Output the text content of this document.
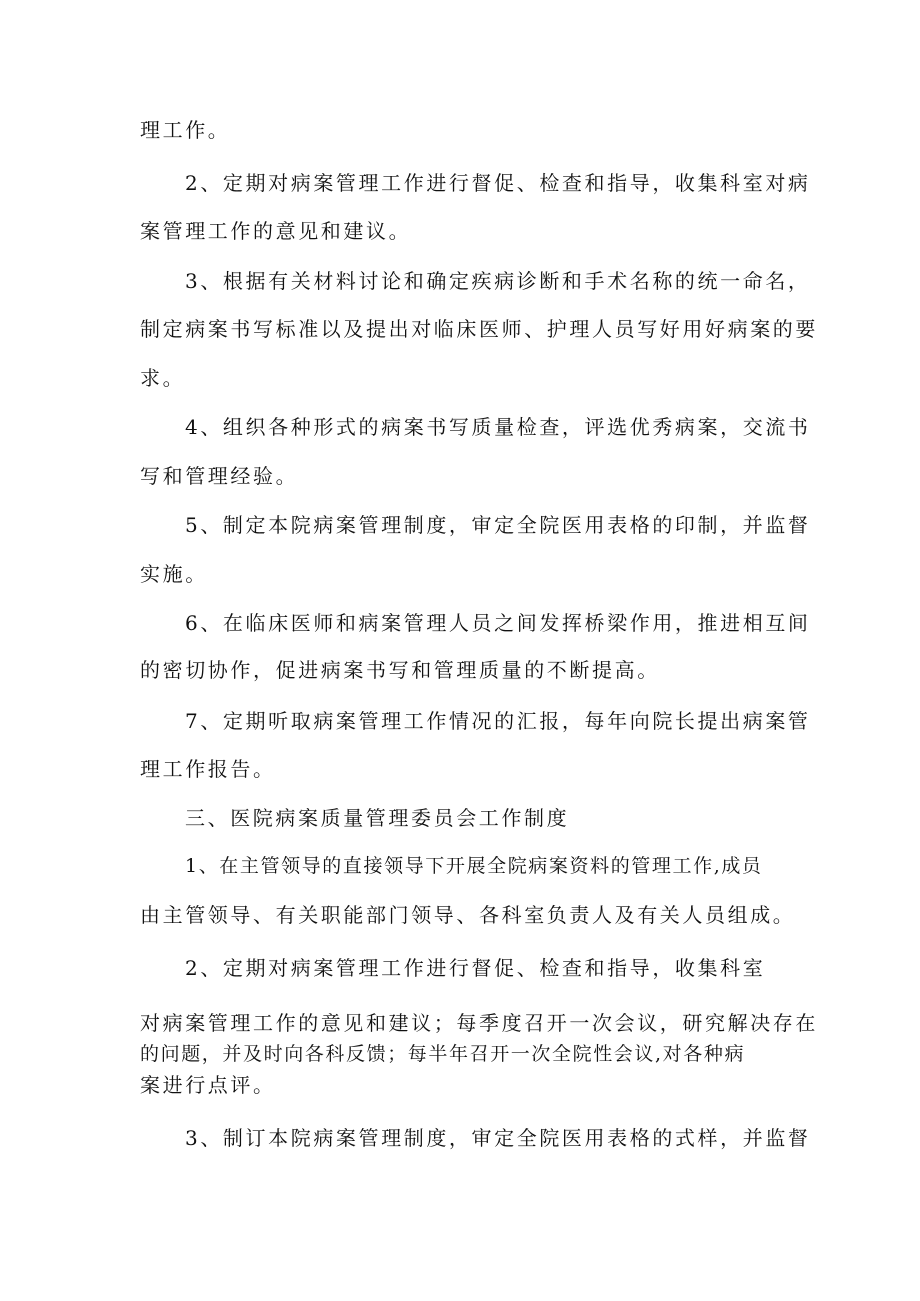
理工作。
2、定期对病案管理工作进行督促、检查和指导，收集科室对病
案管理工作的意见和建议。
3、根据有关材料讨论和确定疾病诊断和手术名称的统一命名，
制定病案书写标准以及提出对临床医师、护理人员写好用好病案的要
求。
4、组织各种形式的病案书写质量检查，评选优秀病案，交流书
写和管理经验。
5、制定本院病案管理制度，审定全院医用表格的印制，并监督
实施。
6、在临床医师和病案管理人员之间发挥桥梁作用，推进相互间
的密切协作，促进病案书写和管理质量的不断提高。
7、定期听取病案管理工作情况的汇报，每年向院长提出病案管
理工作报告。
三、医院病案质量管理委员会工作制度
1、在主管领导的直接领导下开展全院病案资料的管理工作,成员
由主管领导、有关职能部门领导、各科室负责人及有关人员组成。
2、定期对病案管理工作进行督促、检查和指导，收集科室
对病案管理工作的意见和建议；每季度召开一次会议，研究解决存在
的问题，并及时向各科反馈；每半年召开一次全院性会议,对各种病
案进行点评。
3、制订本院病案管理制度，审定全院医用表格的式样，并监督
